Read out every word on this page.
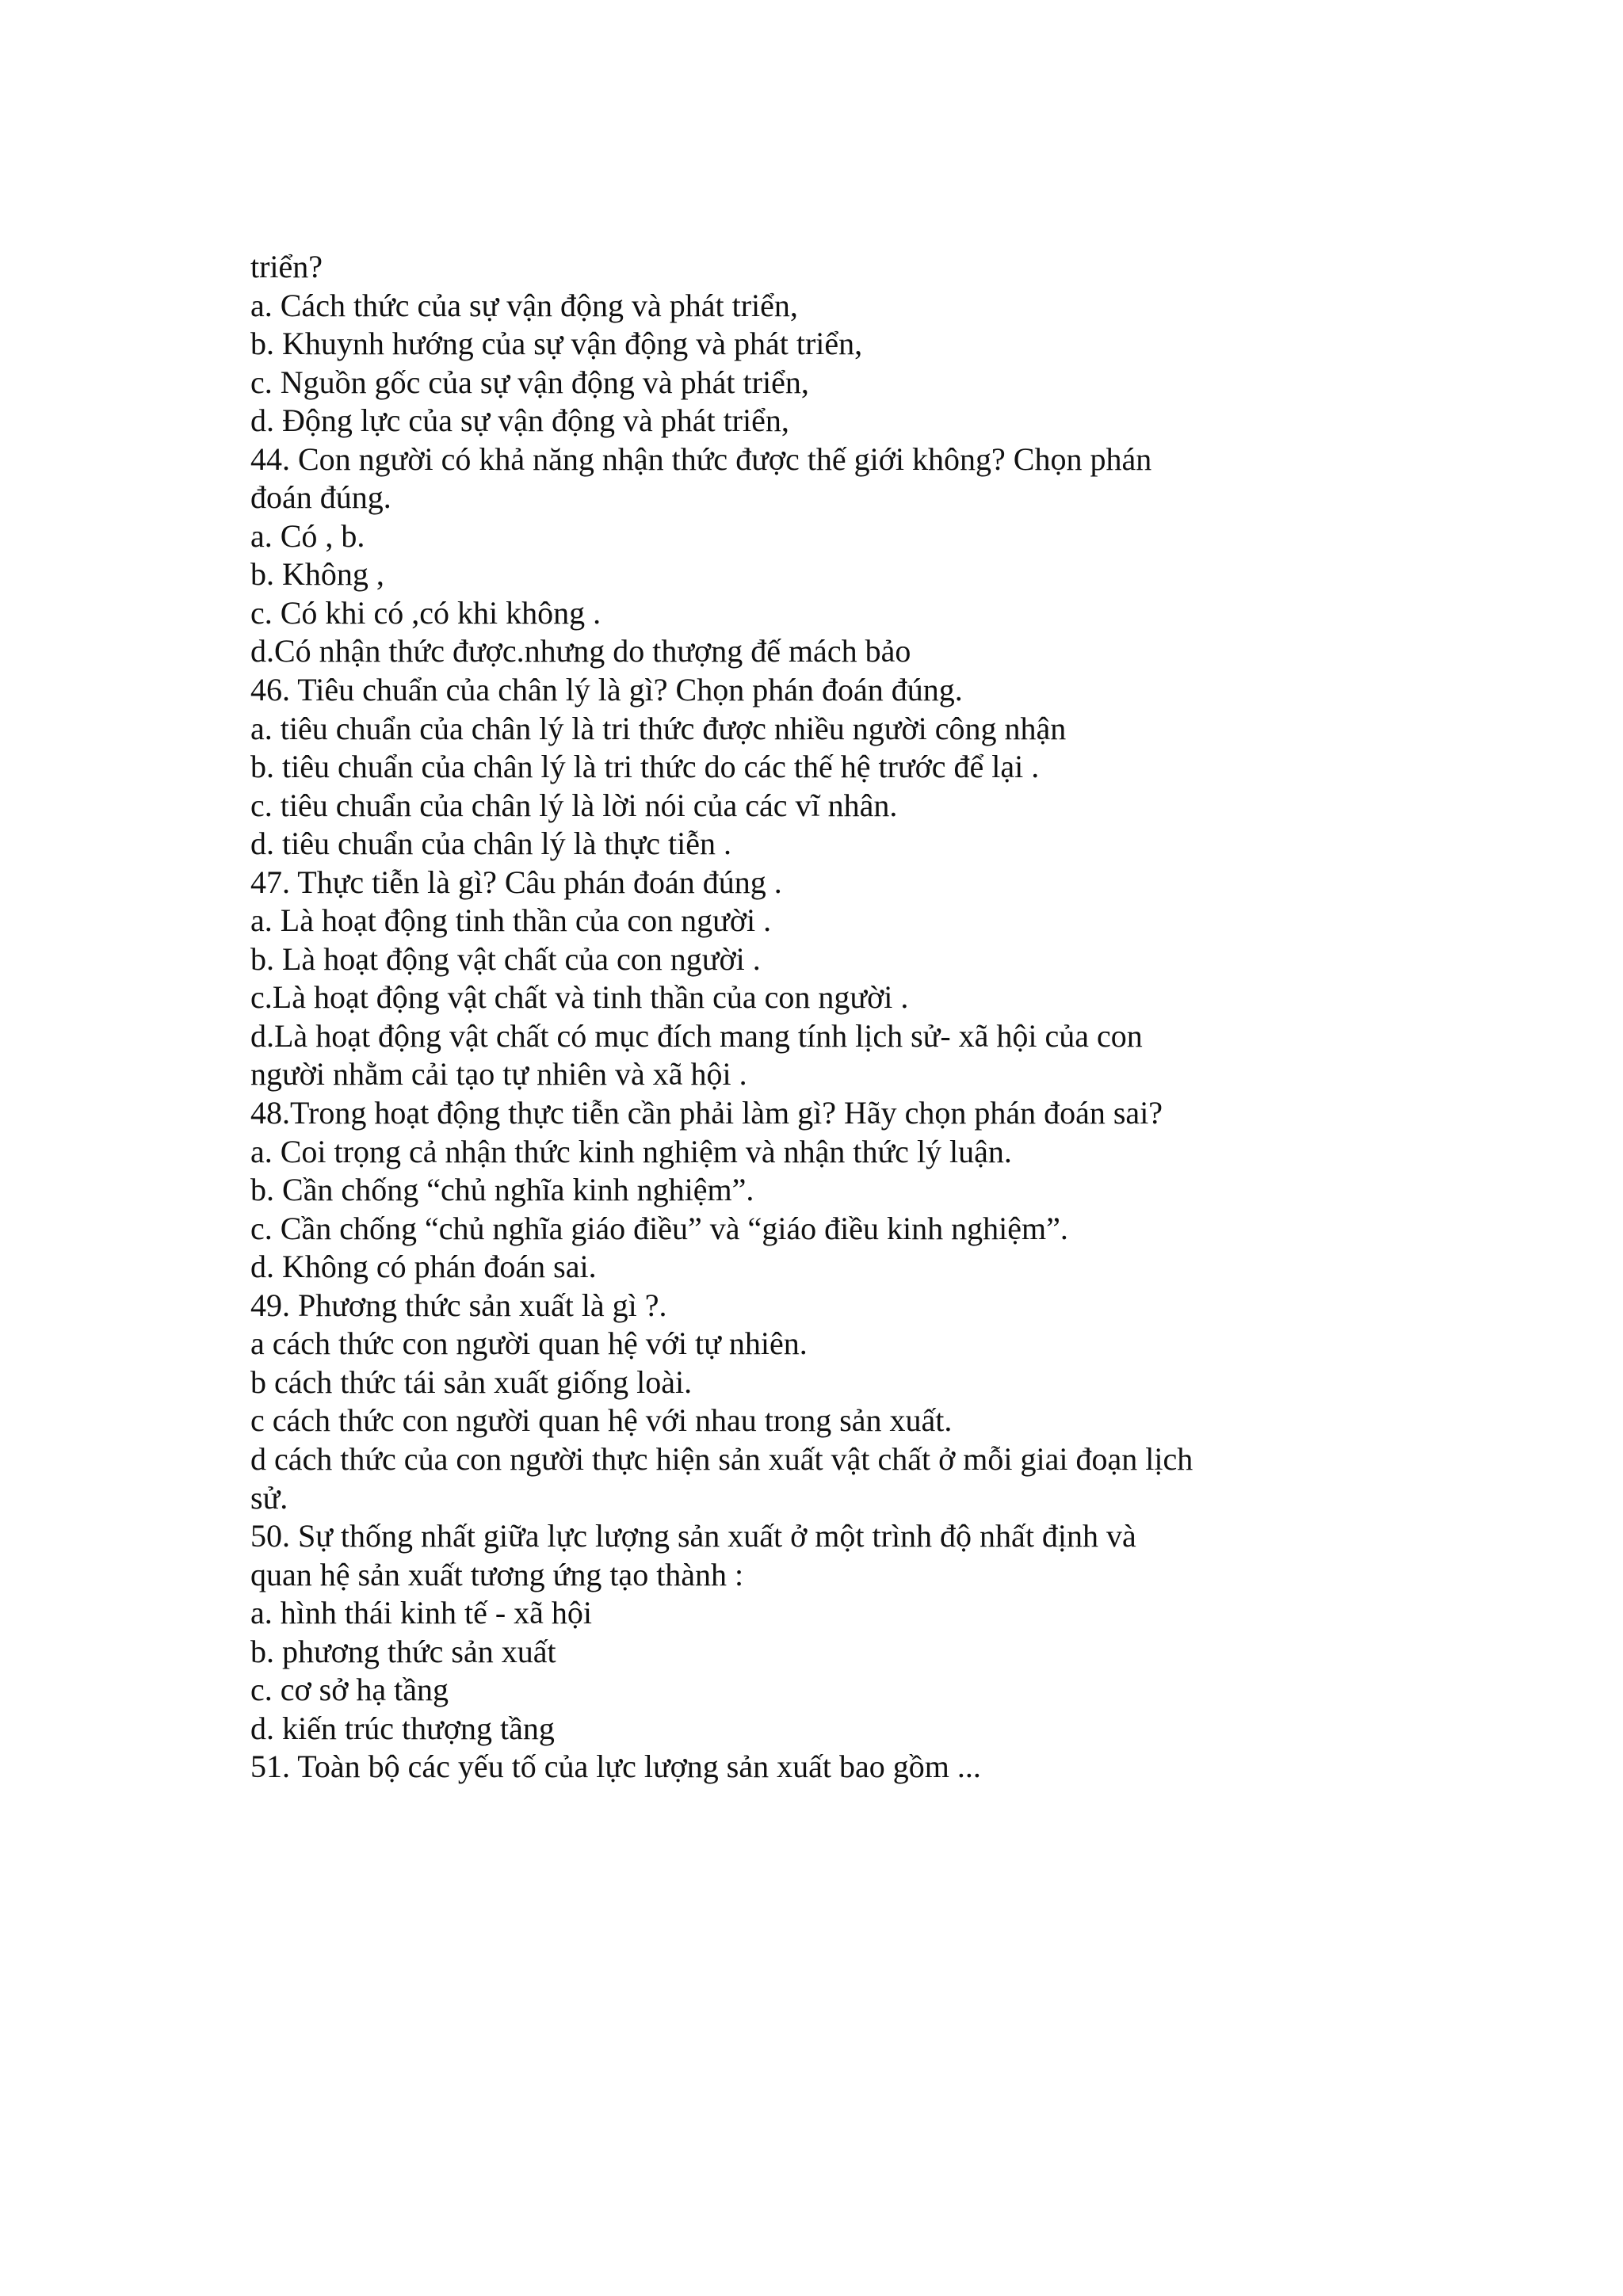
triển?
a. Cách thức của sự vận động và phát triển,
b. Khuynh hướng của sự vận động và phát triển,
c. Nguồn gốc của sự vận động và phát triển,
d. Động lực của sự vận động và phát triển,
44. Con người có khả năng nhận thức được thế giới không? Chọn phán
đoán đúng.
a. Có , b.
b. Không ,
c. Có khi có ,có khi không .
d.Có nhận thức được.nhưng do thượng đế mách bảo
46. Tiêu chuẩn của chân lý là gì? Chọn phán đoán đúng.
a. tiêu chuẩn của chân lý là tri thức được nhiều người công nhận
b. tiêu chuẩn của chân lý là tri thức do các thế hệ trước để lại .
c. tiêu chuẩn của chân lý là lời nói của các vĩ nhân.
d. tiêu chuẩn của chân lý là thực tiễn .
47. Thực tiễn là gì? Câu phán đoán đúng .
a. Là hoạt động tinh thần của con người .
b. Là hoạt động vật chất của con người .
c.Là hoạt động vật chất và tinh thần của con người .
d.Là hoạt động vật chất có mục đích mang tính lịch sử- xã hội của con
người nhằm cải tạo tự nhiên và xã hội .
48.Trong hoạt động thực tiễn cần phải làm gì? Hãy chọn phán đoán sai?
a. Coi trọng cả nhận thức kinh nghiệm và nhận thức lý luận.
b. Cần chống “chủ nghĩa kinh nghiệm”.
c. Cần chống “chủ nghĩa giáo điều” và “giáo điều kinh nghiệm”.
d. Không có phán đoán sai.
49. Phương thức sản xuất là gì ?.
a cách thức con người quan hệ với tự nhiên.
b cách thức tái sản xuất giống loài.
c cách thức con người quan hệ với nhau trong sản xuất.
d cách thức của con người thực hiện sản xuất vật chất ở mỗi giai đoạn lịch
sử.
50. Sự thống nhất giữa lực lượng sản xuất ở một trình độ nhất định và
quan hệ sản xuất tương ứng tạo thành :
a. hình thái kinh tế - xã hội
b. phương thức sản xuất
c. cơ sở hạ tầng
d. kiến trúc thượng tầng
51. Toàn bộ các yếu tố của lực lượng sản xuất bao gồm ...
